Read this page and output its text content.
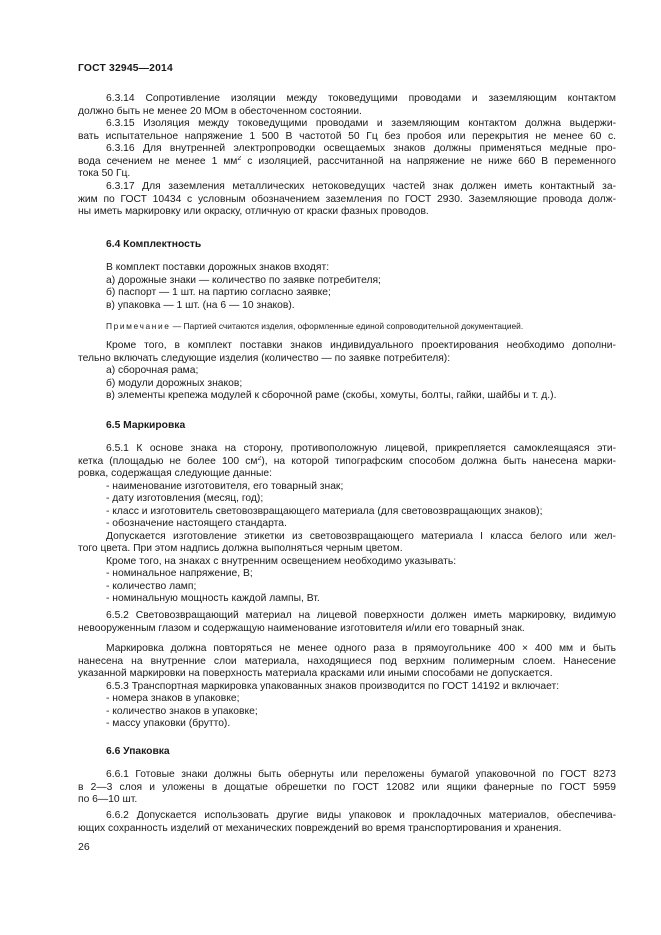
ГОСТ 32945—2014

6.3.14 Сопротивление изоляции между токоведущими проводами и заземляющим контактом

должно быть не менее 20 МОм в обесточенном состоянии.

6.3.15 Изоляция между токоведущими проводами и заземляющим контактом должна выдержи-

вать испытательное напряжение 1 500 В частотой 50 Гц без пробоя или перекрытия не менее 60 с.

6.3.16 Для внутренней электропроводки освещаемых знаков должны применяться медные про-

вода сечением не менее 1 $мм^2$ с изоляцией, рассчитанной на напряжение не ниже 660 В переменного

тока 50 Гц.

6.3.17 Для заземления металлических нетоковедущих частей знак должен иметь контактный за-

жим по ГОСТ 10434 с условным обозначением заземления по ГОСТ 2930. Заземляющие провода долж-

ны иметь маркировку или окраску, отличную от краски фазных проводов.

6.4 Комплектность

В комплект поставки дорожных знаков входят:

а) дорожные знаки — количество по заявке потребителя;

б) паспорт — 1 шт. на партию согласно заявке;

в) упаковка — 1 шт. (на 6 — 10 знаков).

Примечание — Партией считаются изделия, оформленные единой сопроводительной документацией.

Кроме того, в комплект поставки знаков индивидуального проектирования необходимо дополни-

тельно включать следующие изделия (количество — по заявке потребителя):

а) сборочная рама;

б) модули дорожных знаков;

в) элементы крепежа модулей к сборочной раме (скобы, хомуты, болты, гайки, шайбы и т. д.).

6.5 Маркировка

6.5.1 К основе знака на сторону, противоположную лицевой, прикрепляется самоклеящаяся эти-

кетка (площадью не более 100 $см^2$), на которой типографским способом должна быть нанесена марки-

ровка, содержащая следующие данные:

- наименование изготовителя, его товарный знак;

- дату изготовления (месяц, год);

- класс и изготовитель световозвращающего материала (для световозвращающих знаков);

- обозначение настоящего стандарта.

Допускается изготовление этикетки из световозвращающего материала I класса белого или жел-

того цвета. При этом надпись должна выполняться черным цветом.

Кроме того, на знаках с внутренним освещением необходимо указывать:

- номинальное напряжение, В;

- количество ламп;

- номинальную мощность каждой лампы, Вт.

6.5.2 Световозвращающий материал на лицевой поверхности должен иметь маркировку, видимую

невооруженным глазом и содержащую наименование изготовителя и/или его товарный знак.

Маркировка должна повторяться не менее одного раза в прямоугольнике 400 × 400 мм и быть

нанесена на внутренние слои материала, находящиеся под верхним полимерным слоем. Нанесение

указанной маркировки на поверхность материала красками или иными способами не допускается.

6.5.3 Транспортная маркировка упакованных знаков производится по ГОСТ 14192 и включает:

- номера знаков в упаковке;

- количество знаков в упаковке;

- массу упаковки (брутто).

6.6 Упаковка

6.6.1 Готовые знаки должны быть обернуты или переложены бумагой упаковочной по ГОСТ 8273

в 2—3 слоя и уложены в дощатые обрешетки по ГОСТ 12082 или ящики фанерные по ГОСТ 5959

по 6—10 шт.

6.6.2 Допускается использовать другие виды упаковок и прокладочных материалов, обеспечива-

ющих сохранность изделий от механических повреждений во время транспортирования и хранения.

26
